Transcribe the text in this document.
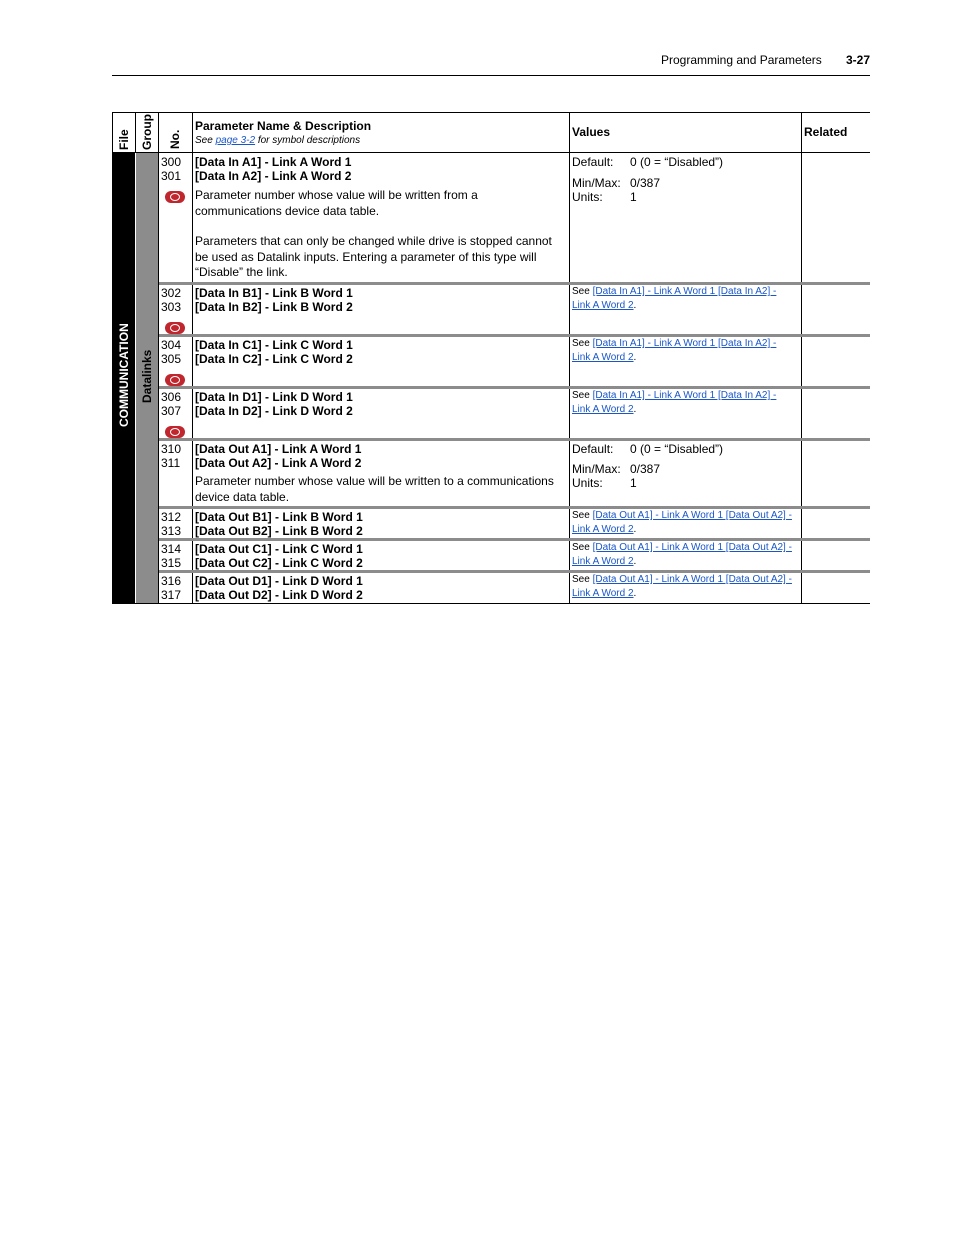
Programming and Parameters 3-27
File Group No.
Parameter Name & Description
See page 3-2 for symbol descriptions
Values	Related
COMMUNICATION Datalinks
300
301
[Data In A1] - Link A Word 1
[Data In A2] - Link A Word 2
Parameter number whose value will be written from a communications device data table.
Parameters that can only be changed while drive is stopped cannot be used as Datalink inputs. Entering a parameter of this type will “Disable” the link.
Default: 0 (0 = “Disabled”)
Min/Max: 0/387
Units: 1
302
303
[Data In B1] - Link B Word 1
[Data In B2] - Link B Word 2
See [Data In A1] - Link A Word 1 [Data In A2] -
Link A Word 2.
304
305
[Data In C1] - Link C Word 1
[Data In C2] - Link C Word 2
See [Data In A1] - Link A Word 1 [Data In A2] -
Link A Word 2.
306
307
[Data In D1] - Link D Word 1
[Data In D2] - Link D Word 2
See [Data In A1] - Link A Word 1 [Data In A2] -
Link A Word 2.
310
311
[Data Out A1] - Link A Word 1
[Data Out A2] - Link A Word 2
Parameter number whose value will be written to a communications device data table.
Default: 0 (0 = “Disabled”)
Min/Max: 0/387
Units: 1
312
313
[Data Out B1] - Link B Word 1
[Data Out B2] - Link B Word 2
See [Data Out A1] - Link A Word 1 [Data Out A2] -
Link A Word 2.
314
315
[Data Out C1] - Link C Word 1
[Data Out C2] - Link C Word 2
See [Data Out A1] - Link A Word 1 [Data Out A2] -
Link A Word 2.
316
317
[Data Out D1] - Link D Word 1
[Data Out D2] - Link D Word 2
See [Data Out A1] - Link A Word 1 [Data Out A2] -
Link A Word 2.
